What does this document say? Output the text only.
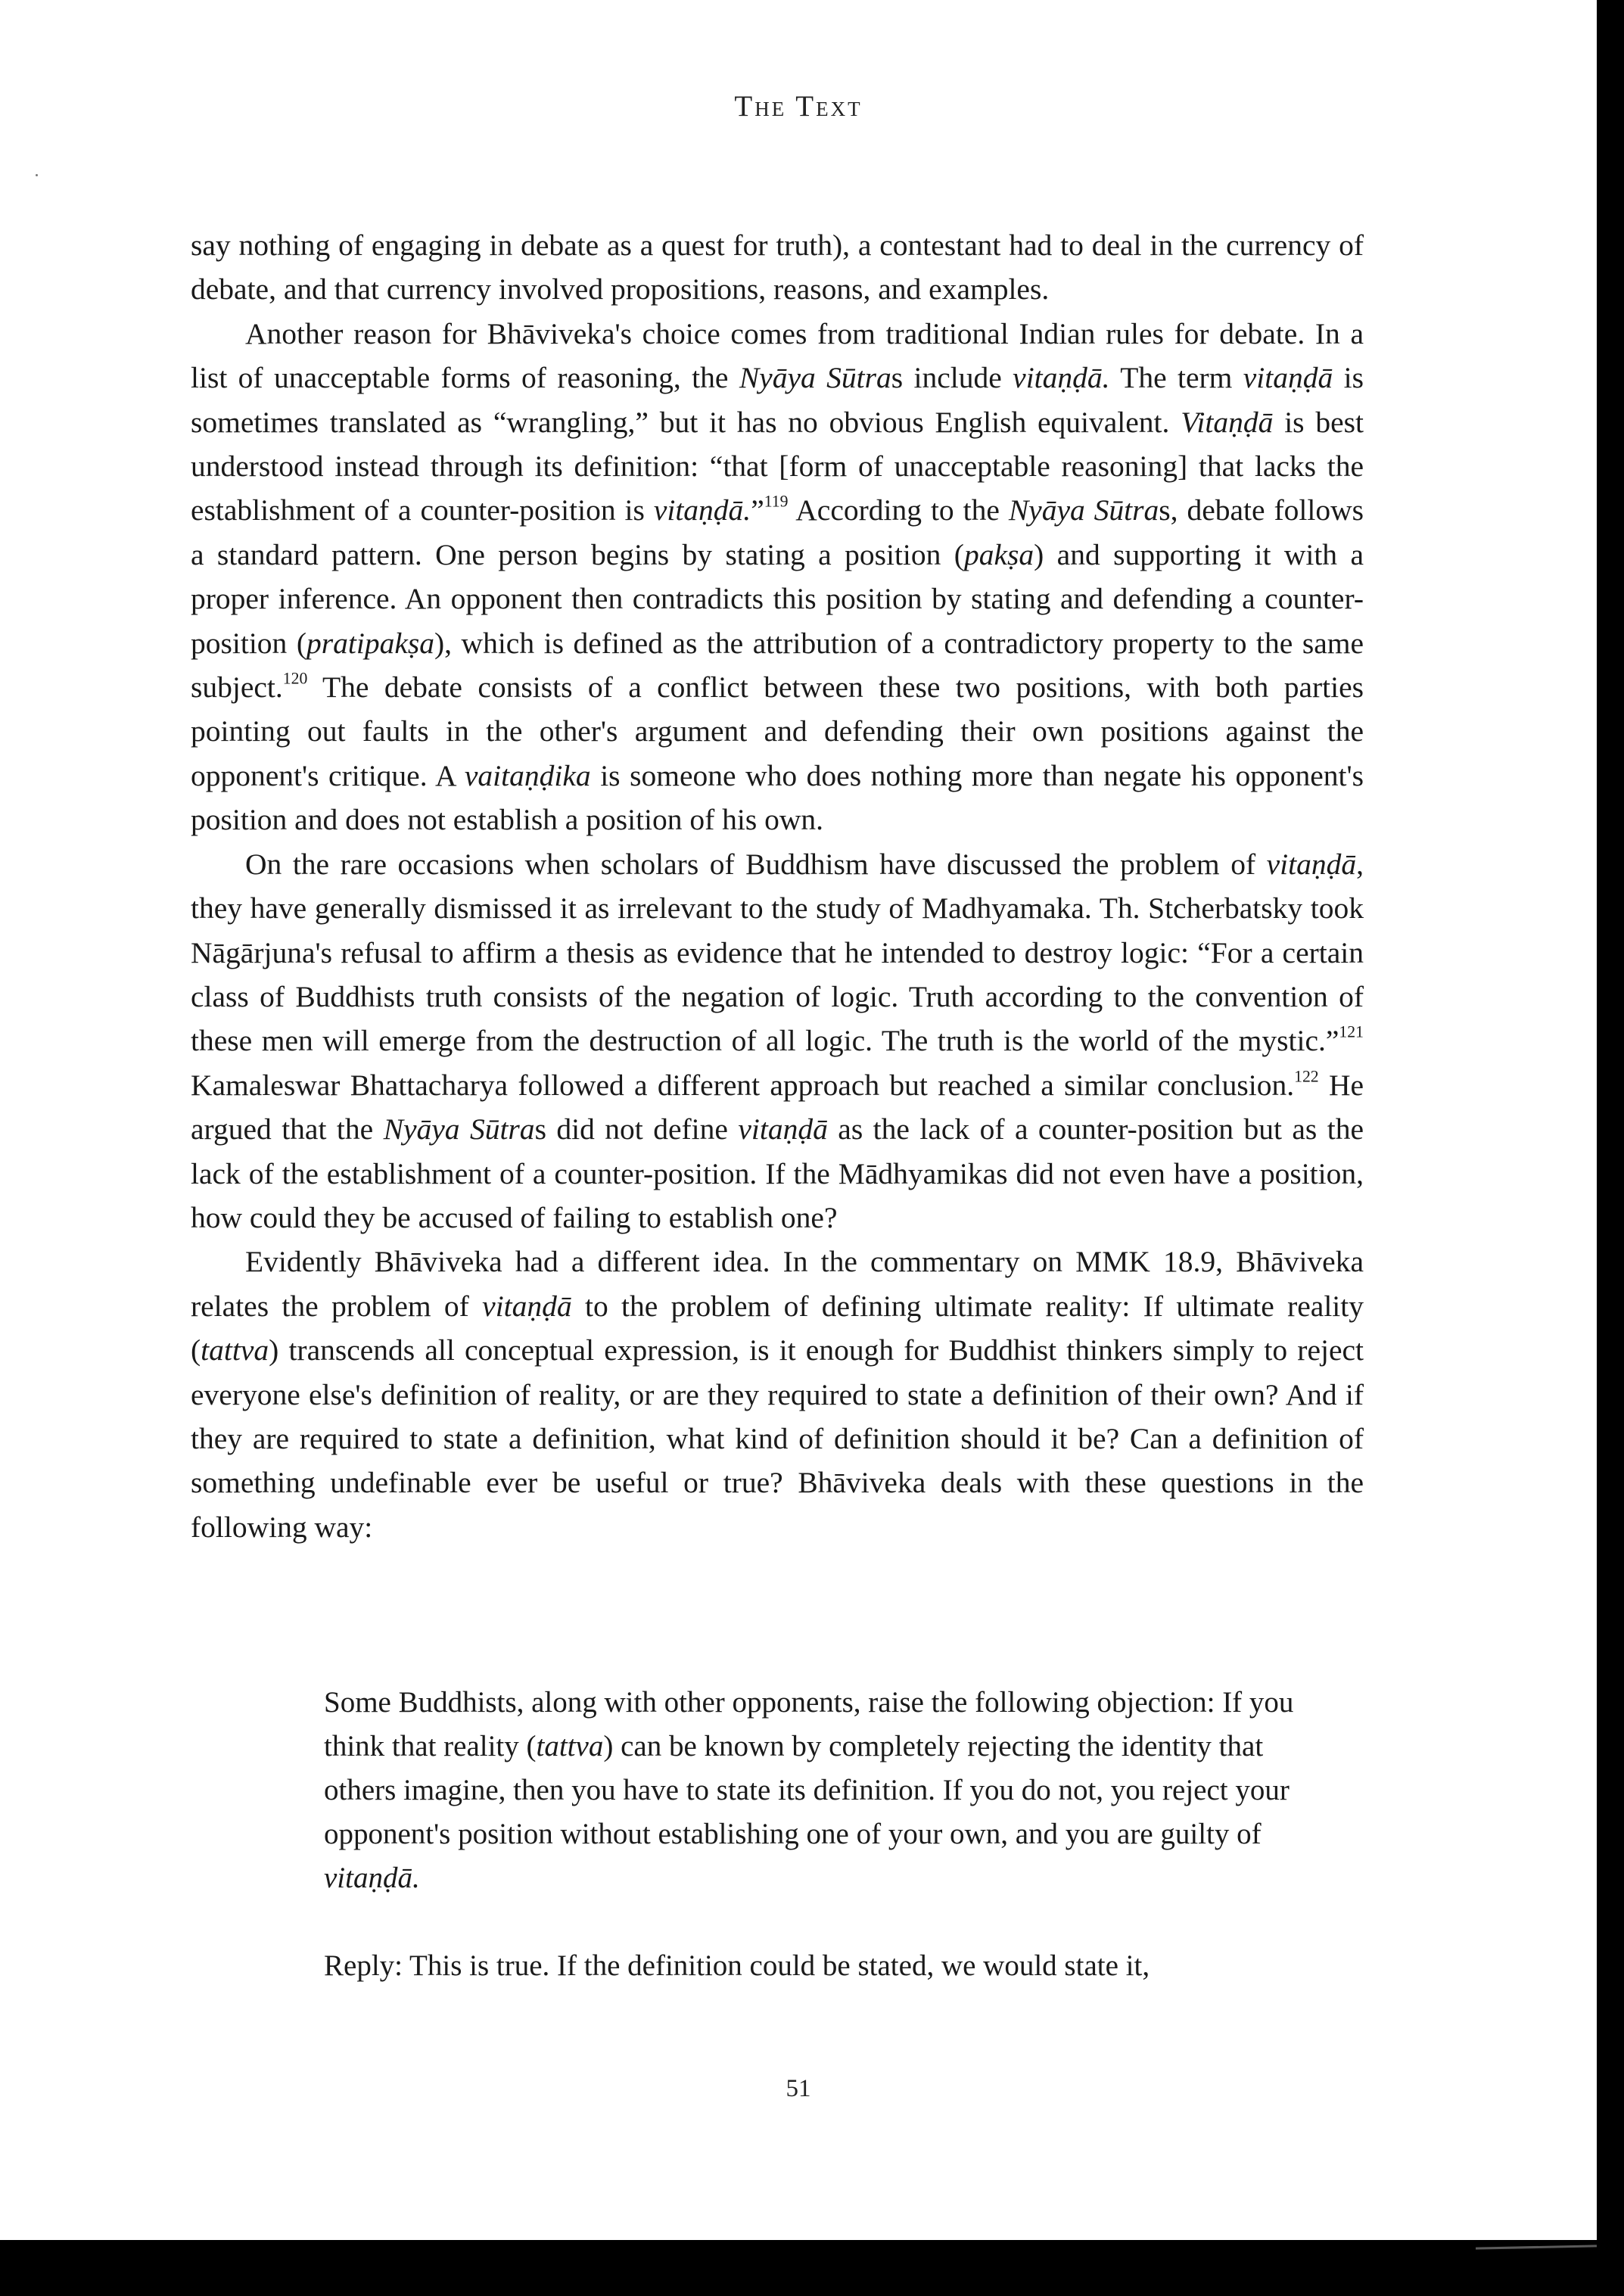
The Text

say nothing of engaging in debate as a quest for truth), a contestant had to deal in the currency of debate, and that currency involved propositions, reasons, and examples.

Another reason for Bhāviveka's choice comes from traditional Indian rules for debate. In a list of unacceptable forms of reasoning, the Nyāya Sūtras include vitaṇḍā. The term vitaṇḍā is sometimes translated as “wrangling,” but it has no obvious English equivalent. Vitaṇḍā is best understood instead through its definition: “that [form of unacceptable reasoning] that lacks the establishment of a counter-position is vitaṇḍā.”$^{119}$ According to the Nyāya Sūtras, debate follows a standard pattern. One person begins by stating a position (pakṣa) and supporting it with a proper inference. An opponent then contradicts this position by stating and defending a counter-position (pratipakṣa), which is defined as the attribution of a contradictory property to the same subject.$^{120}$ The debate consists of a conflict between these two positions, with both parties pointing out faults in the other's argument and defending their own positions against the opponent's critique. A vaitaṇḍika is someone who does nothing more than negate his opponent's position and does not establish a position of his own.

On the rare occasions when scholars of Buddhism have discussed the problem of vitaṇḍā, they have generally dismissed it as irrelevant to the study of Madhyamaka. Th. Stcherbatsky took Nāgārjuna's refusal to affirm a thesis as evidence that he intended to destroy logic: “For a certain class of Buddhists truth consists of the negation of logic. Truth according to the convention of these men will emerge from the destruction of all logic. The truth is the world of the mystic.”$^{121}$ Kamaleswar Bhattacharya followed a different approach but reached a similar conclusion.$^{122}$ He argued that the Nyāya Sūtras did not define vitaṇḍā as the lack of a counter-position but as the lack of the establishment of a counter-position. If the Mādhyamikas did not even have a position, how could they be accused of failing to establish one?

Evidently Bhāviveka had a different idea. In the commentary on MMK 18.9, Bhāviveka relates the problem of vitaṇḍā to the problem of defining ultimate reality: If ultimate reality (tattva) transcends all conceptual expression, is it enough for Buddhist thinkers simply to reject everyone else's definition of reality, or are they required to state a definition of their own? And if they are required to state a definition, what kind of definition should it be? Can a definition of something undefinable ever be useful or true? Bhāviveka deals with these questions in the following way:

Some Buddhists, along with other opponents, raise the following objection: If you think that reality (tattva) can be known by completely rejecting the identity that others imagine, then you have to state its definition. If you do not, you reject your opponent's position without establishing one of your own, and you are guilty of vitaṇḍā.

Reply: This is true. If the definition could be stated, we would state it,

51
